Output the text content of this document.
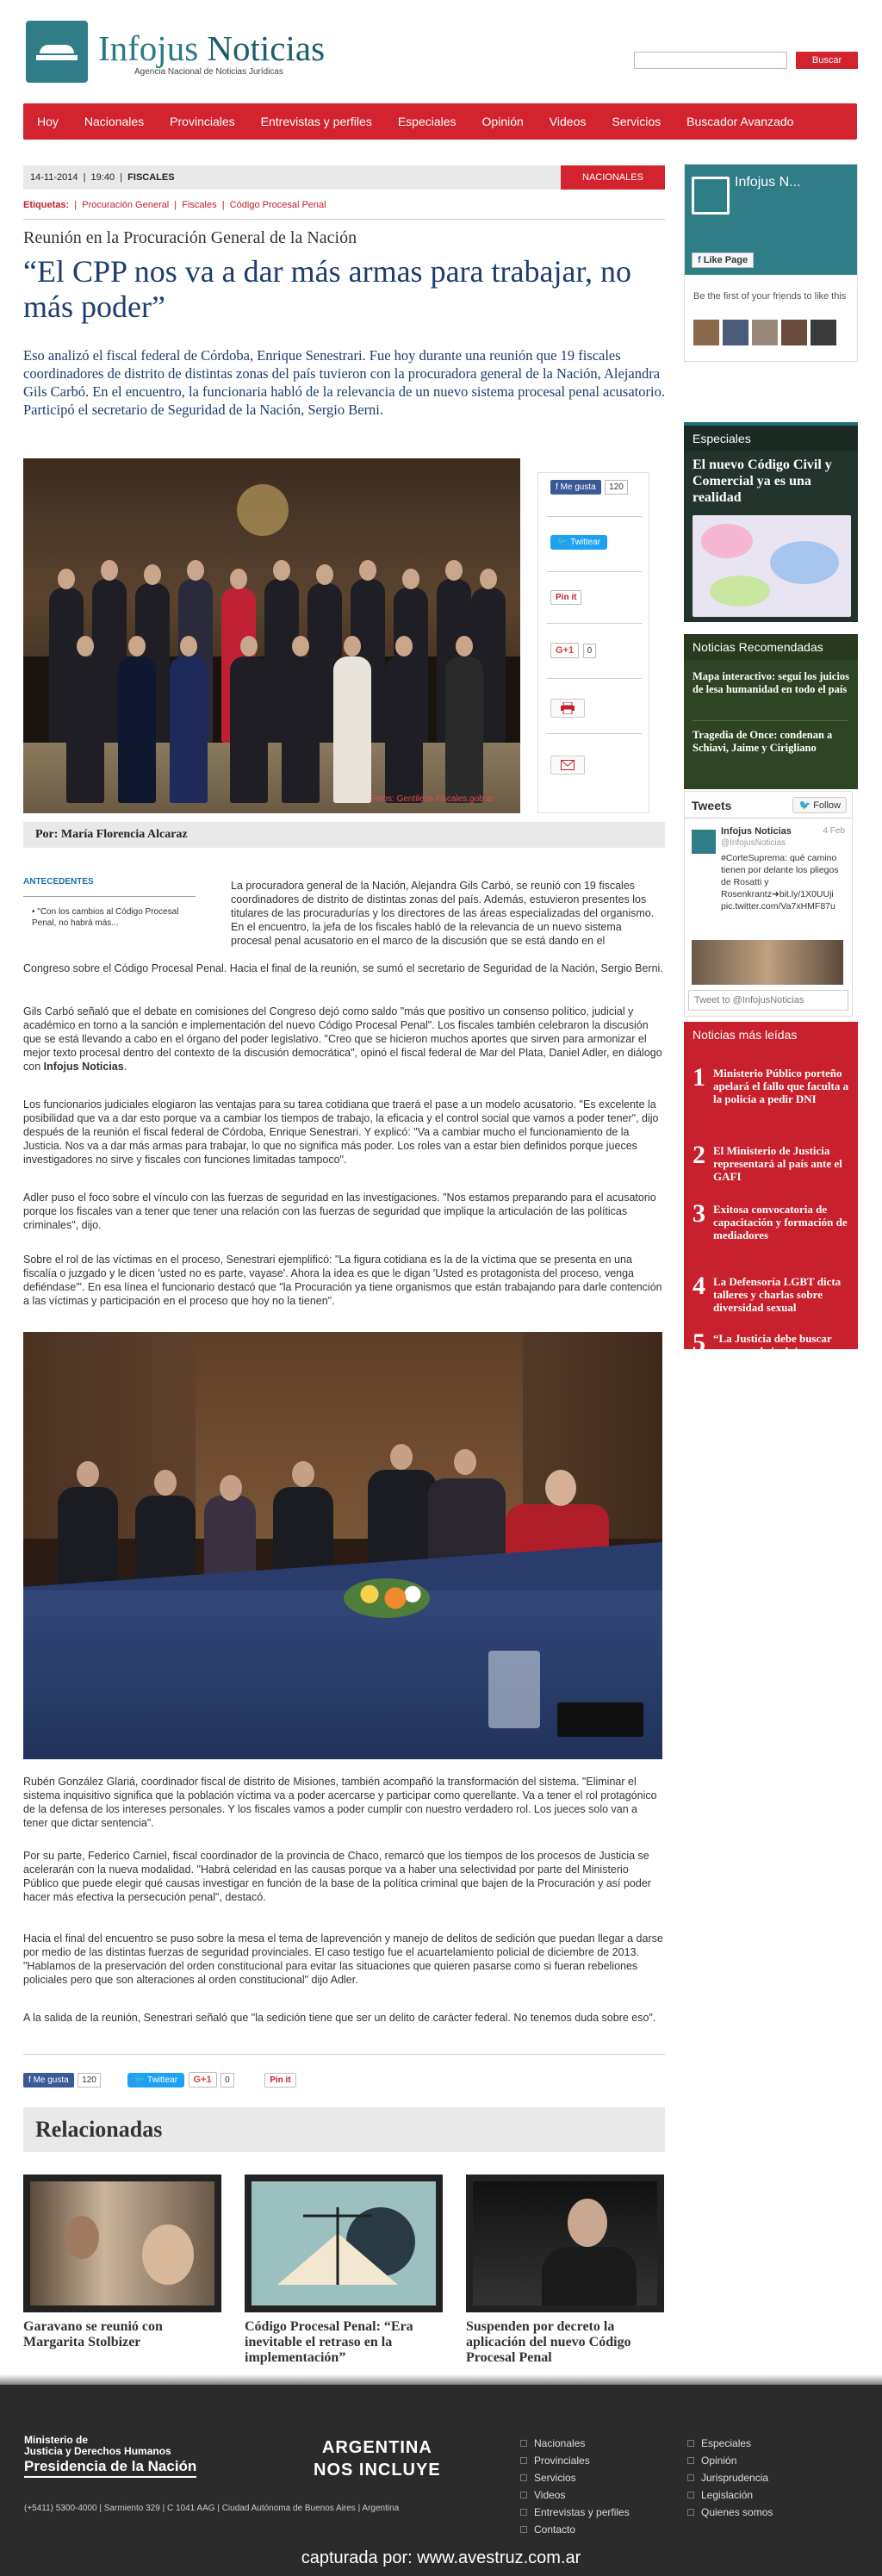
Infojus Noticias
Agencia Nacional de Noticias Jurídicas
Buscar
Hoy Nacionales Provinciales Entrevistas y perfiles Especiales Opinión Videos Servicios Buscador Avanzado
14-11-2014  |  19:40  |  FISCALES	NACIONALES
Etiquetas:  |  Procuración General  |  Fiscales  |  Código Procesal Penal
Reunión en la Procuración General de la Nación
“El CPP nos va a dar más armas para trabajar, no más poder”
Eso analizó el fiscal federal de Córdoba, Enrique Senestrari. Fue hoy durante una reunión que 19 fiscales coordinadores de distrito de distintas zonas del país tuvieron con la procuradora general de la Nación, Alejandra Gils Carbó. En el encuentro, la funcionaria habló de la relevancia de un nuevo sistema procesal penal acusatorio. Participó el secretario de Seguridad de la Nación, Sergio Berni.
Fotos: Gentileza Fiscales.gob.ar
f Me gusta 120
🐦 Twittear
Pin it
G+1 0
Por: María Florencia Alcaraz
ANTECEDENTES
• "Con los cambios al Código Procesal Penal, no habrá más...
La procuradora general de la Nación, Alejandra Gils Carbó, se reunió con 19 fiscales coordinadores de distrito de distintas zonas del país. Además, estuvieron presentes los titulares de las procuradurías y los directores de las áreas especializadas del organismo. En el encuentro, la jefa de los fiscales habló de la relevancia de un nuevo sistema procesal penal acusatorio en el marco de la discusión que se está dando en el
Congreso sobre el Código Procesal Penal. Hacia el final de la reunión, se sumó el secretario de Seguridad de la Nación, Sergio Berni.
Gils Carbó señaló que el debate en comisiones del Congreso dejó como saldo "más que positivo un consenso político, judicial y académico en torno a la sanción e implementación del nuevo Código Procesal Penal". Los fiscales también celebraron la discusión que se está llevando a cabo en el órgano del poder legislativo. "Creo que se hicieron muchos aportes que sirven para armonizar el mejor texto procesal dentro del contexto de la discusión democrática", opinó el fiscal federal de Mar del Plata, Daniel Adler, en diálogo con Infojus Noticias.
Los funcionarios judiciales elogiaron las ventajas para su tarea cotidiana que traerá el pase a un modelo acusatorio. "Es excelente la posibilidad que va a dar esto porque va a cambiar los tiempos de trabajo, la eficacia y el control social que vamos a poder tener", dijo después de la reunión el fiscal federal de Córdoba, Enrique Senestrari. Y explicó: "Va a cambiar mucho el funcionamiento de la Justicia. Nos va a dar más armas para trabajar, lo que no significa más poder. Los roles van a estar bien definidos porque jueces investigadores no sirve y fiscales con funciones limitadas tampoco".
Adler puso el foco sobre el vínculo con las fuerzas de seguridad en las investigaciones. "Nos estamos preparando para el acusatorio porque los fiscales van a tener que tener una relación con las fuerzas de seguridad que implique la articulación de las políticas criminales", dijo.
Sobre el rol de las víctimas en el proceso, Senestrari ejemplificó: "La figura cotidiana es la de la víctima que se presenta en una fiscalía o juzgado y le dicen 'usted no es parte, vayase'. Ahora la idea es que le digan 'Usted es protagonista del proceso, venga defiéndase'". En esa línea el funcionario destacó que "la Procuración ya tiene organismos que están trabajando para darle contención a las víctimas y participación en el proceso que hoy no la tienen".
Rubén González Glariá, coordinador fiscal de distrito de Misiones, también acompañó la transformación del sistema. "Eliminar el sistema inquisitivo significa que la población víctima va a poder acercarse y participar como querellante. Va a tener el rol protagónico de la defensa de los intereses personales. Y los fiscales vamos a poder cumplir con nuestro verdadero rol. Los jueces solo van a tener que dictar sentencia".
Por su parte, Federico Carniel, fiscal coordinador de la provincia de Chaco, remarcó que los tiempos de los procesos de Justicia se acelerarán con la nueva modalidad. "Habrá celeridad en las causas porque va a haber una selectividad por parte del Ministerio Público que puede elegir qué causas investigar en función de la base de la política criminal que bajen de la Procuración y así poder hacer más efectiva la persecución penal", destacó.
Hacia el final del encuentro se puso sobre la mesa el tema de laprevención y manejo de delitos de sedición que puedan llegar a darse por medio de las distintas fuerzas de seguridad provinciales. El caso testigo fue el acuartelamiento policial de diciembre de 2013. "Hablamos de la preservación del orden constitucional para evitar las situaciones que quieren pasarse como si fueran rebeliones policiales pero que son alteraciones al orden constitucional" dijo Adler.
A la salida de la reunión, Senestrari señaló que "la sedición tiene que ser un delito de carácter federal. No tenemos duda sobre eso".
f Me gusta 120	🐦 Twittear G+1 0	Pin it
Relacionadas
Garavano se reunió con Margarita Stolbizer
Código Procesal Penal: “Era inevitable el retraso en la implementación”
Suspenden por decreto la aplicación del nuevo Código Procesal Penal
Infojus N...
f Like Page
Be the first of your friends to like this
Especiales
El nuevo Código Civil y Comercial ya es una realidad
Noticias Recomendadas
Mapa interactivo: seguí los juicios de lesa humanidad en todo el país
Tragedia de Once: condenan a Schiavi, Jaime y Cirigliano
Tweets	🐦 Follow
Infojus Noticias	4 Feb
@InfojusNoticias
#CorteSuprema: qué camino tienen por delante los pliegos de Rosatti y Rosenkrantz➜bit.ly/1X0UUji pic.twitter.com/Va7xHMF87u
Tweet to @InfojusNoticias
Noticias más leídas
1 Ministerio Público porteño apelará el fallo que faculta a la policía a pedir DNI
2 El Ministerio de Justicia representará al país ante el GAFI
3 Exitosa convocatoria de capacitación y formación de mediadores
4 La Defensoría LGBT dicta talleres y charlas sobre diversidad sexual
5 “La Justicia debe buscar maneras de incluir y acompañar a las víctimas”
Ministerio de
Justicia y Derechos Humanos
Presidencia de la Nación
(+5411) 5300-4000 | Sarmiento 329 | C 1041 AAG | Ciudad Autónoma de Buenos Aires | Argentina
ARGENTINA
NOS INCLUYE
Nacionales
Provinciales
Servicios
Videos
Entrevistas y perfiles
Contacto
Especiales
Opinión
Jurisprudencia
Legislación
Quienes somos
capturada por: www.avestruz.com.ar
